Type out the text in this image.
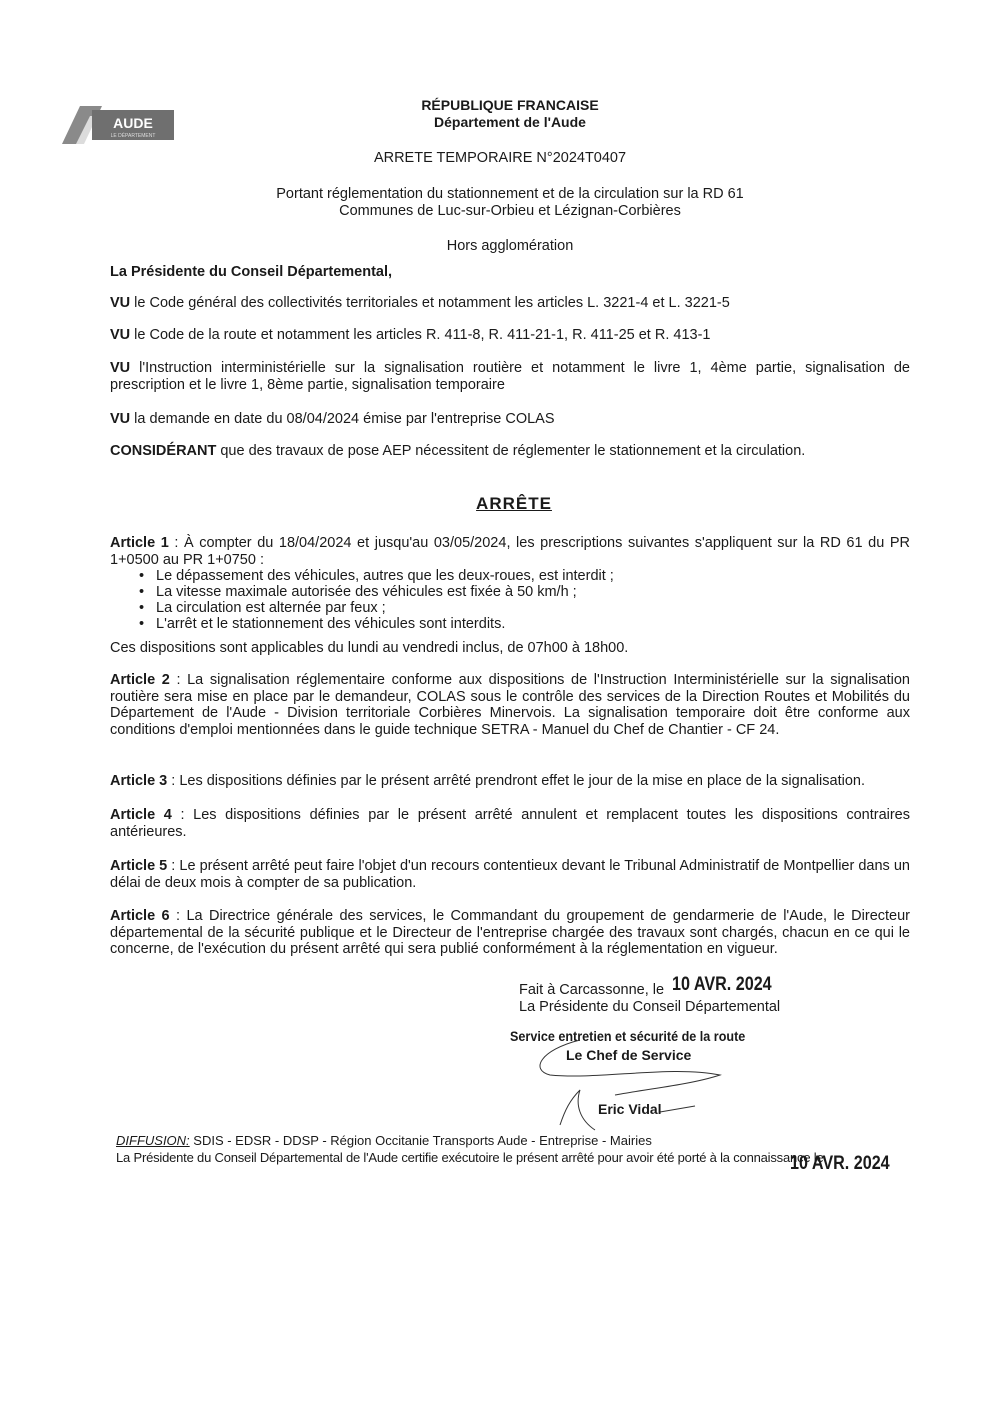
AUDE
LE DÉPARTEMENT
RÉPUBLIQUE FRANCAISE
Département de l'Aude
ARRETE TEMPORAIRE N°2024T0407
Portant réglementation du stationnement et de la circulation sur la RD 61
Communes de Luc-sur-Orbieu et Lézignan-Corbières
Hors agglomération
La Présidente du Conseil Départemental,
VU le Code général des collectivités territoriales et notamment les articles L. 3221-4 et L. 3221-5
VU le Code de la route et notamment les articles R. 411-8, R. 411-21-1, R. 411-25 et R. 413-1
VU l'Instruction interministérielle sur la signalisation routière et notamment le livre 1, 4ème partie, signalisation de prescription et le livre 1, 8ème partie, signalisation temporaire
VU la demande en date du 08/04/2024 émise par l'entreprise COLAS
CONSIDÉRANT que des travaux de pose AEP nécessitent de réglementer le stationnement et la circulation.
ARRÊTE
Article 1 : À compter du 18/04/2024 et jusqu'au 03/05/2024, les prescriptions suivantes s'appliquent sur la RD 61 du PR 1+0500 au PR 1+0750 :
• Le dépassement des véhicules, autres que les deux-roues, est interdit ;
• La vitesse maximale autorisée des véhicules est fixée à 50 km/h ;
• La circulation est alternée par feux ;
• L'arrêt et le stationnement des véhicules sont interdits.
Ces dispositions sont applicables du lundi au vendredi inclus, de 07h00 à 18h00.
Article 2 : La signalisation réglementaire conforme aux dispositions de l'Instruction Interministérielle sur la signalisation routière sera mise en place par le demandeur, COLAS sous le contrôle des services de la Direction Routes et Mobilités du Département de l'Aude - Division territoriale Corbières Minervois. La signalisation temporaire doit être conforme aux conditions d'emploi mentionnées dans le guide technique SETRA - Manuel du Chef de Chantier - CF 24.
Article 3 : Les dispositions définies par le présent arrêté prendront effet le jour de la mise en place de la signalisation.
Article 4 : Les dispositions définies par le présent arrêté annulent et remplacent toutes les dispositions contraires antérieures.
Article 5 : Le présent arrêté peut faire l'objet d'un recours contentieux devant le Tribunal Administratif de Montpellier dans un délai de deux mois à compter de sa publication.
Article 6 : La Directrice générale des services, le Commandant du groupement de gendarmerie de l'Aude, le Directeur départemental de la sécurité publique et le Directeur de l'entreprise chargée des travaux sont chargés, chacun en ce qui le concerne, de l'exécution du présent arrêté qui sera publié conformément à la réglementation en vigueur.
Fait à Carcassonne, le 10 AVR. 2024
La Présidente du Conseil Départemental
Service entretien et sécurité de la route
Le Chef de Service
Eric Vidal
DIFFUSION: SDIS - EDSR - DDSP - Région Occitanie Transports Aude - Entreprise - Mairies
La Présidente du Conseil Départemental de l'Aude certifie exécutoire le présent arrêté pour avoir été porté à la connaissance le
10 AVR. 2024
